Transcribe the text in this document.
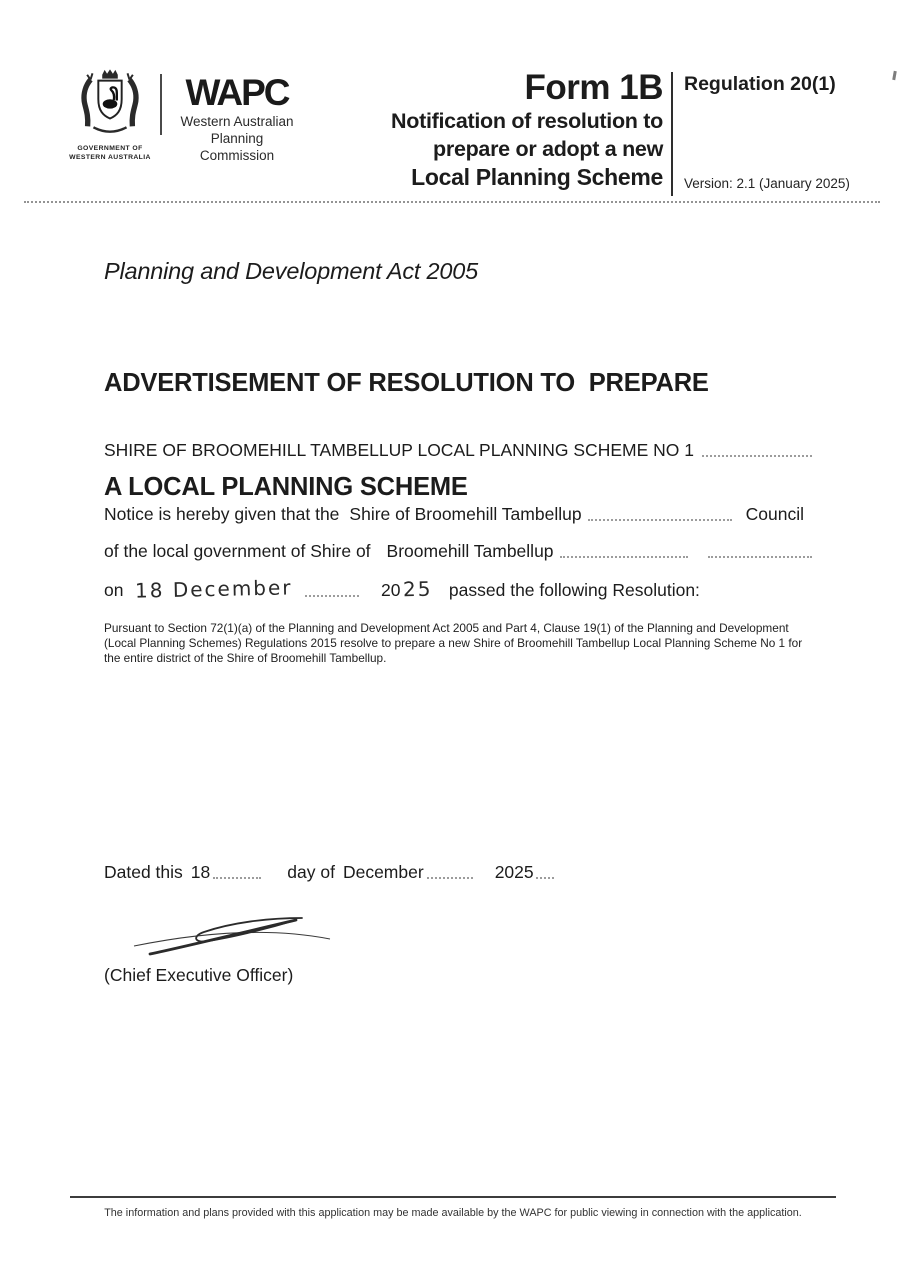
GOVERNMENT OF
WESTERN AUSTRALIA
WAPC
Western Australian
Planning Commission
Form 1B
Notification of resolution to
prepare or adopt a new
Local Planning Scheme
Regulation 20(1)
Version: 2.1 (January 2025)
Planning and Development Act 2005

ADVERTISEMENT OF RESOLUTION TO  PREPARE

A LOCAL PLANNING SCHEME

SHIRE OF BROOMEHILL TAMBELLUP LOCAL PLANNING SCHEME NO 1
Notice is hereby given that the Shire of Broomehill Tambellup	Council
of the local government of Shire of Broomehill Tambellup
on 18 December	20 25 passed the following Resolution:
Pursuant to Section 72(1)(a) of the Planning and Development Act 2005 and Part 4, Clause 19(1) of the Planning and Development (Local Planning Schemes) Regulations 2015 resolve to prepare a new Shire of Broomehill Tambellup Local Planning Scheme No 1 for the entire district of the Shire of Broomehill Tambellup.
Dated this 18	day of December	20 25
(Chief Executive Officer)
The information and plans provided with this application may be made available by the WAPC for public viewing in connection with the application.
